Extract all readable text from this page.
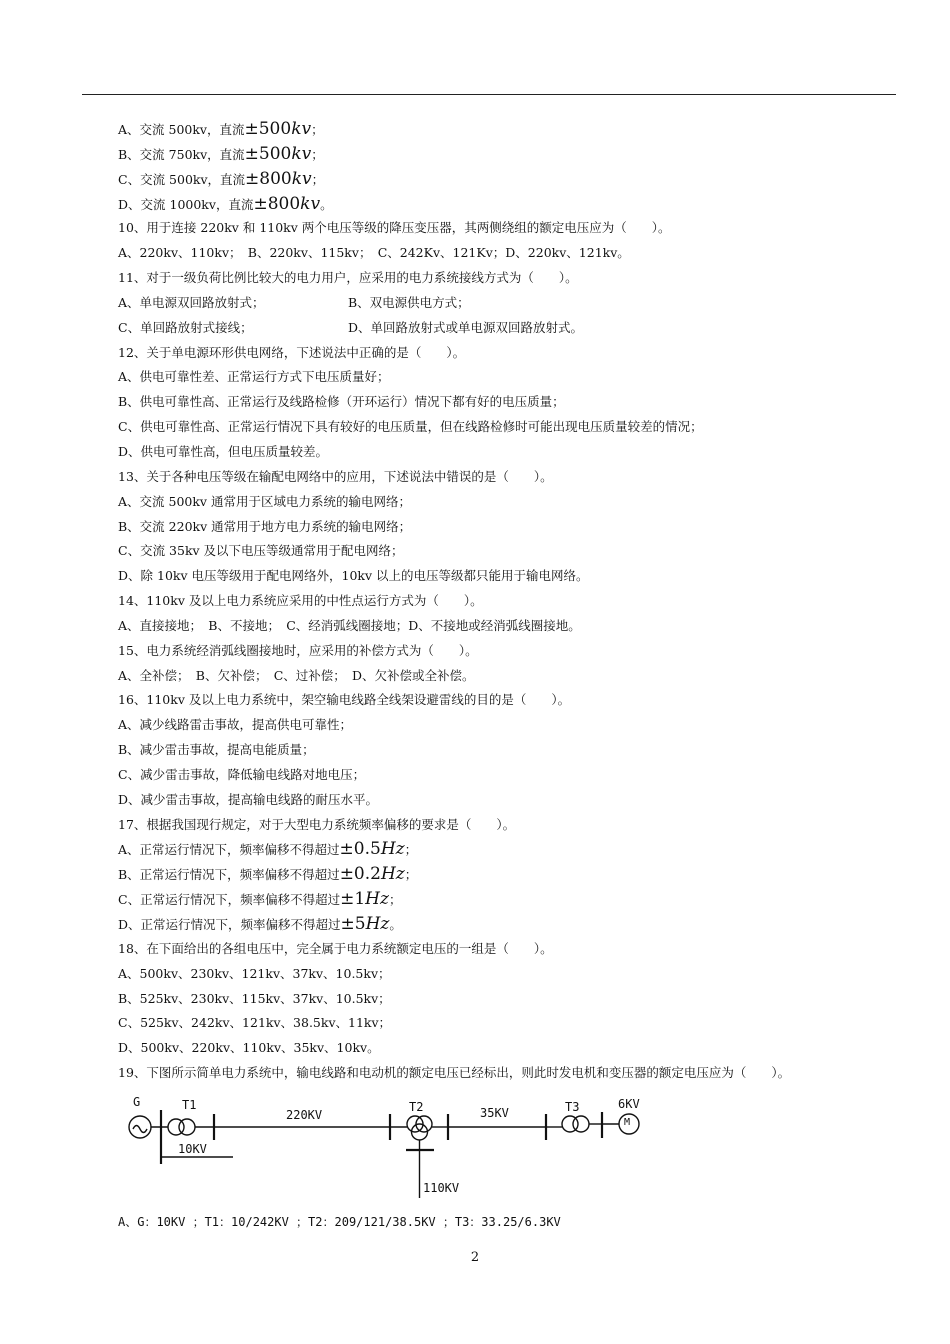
A、交流 500kv，直流±500kv；
B、交流 750kv，直流±500kv；
C、交流 500kv，直流±800kv；
D、交流 1000kv，直流±800kv。
10、用于连接 220kv 和 110kv 两个电压等级的降压变压器，其两侧绕组的额定电压应为（　　）。
A、220kv、110kv；　B、220kv、115kv；　C、242Kv、121Kv；D、220kv、121kv。
11、对于一级负荷比例比较大的电力用户，应采用的电力系统接线方式为（　　）。
A、单电源双回路放射式；	B、双电源供电方式；
C、单回路放射式接线；	D、单回路放射式或单电源双回路放射式。
12、关于单电源环形供电网络，下述说法中正确的是（　　）。
A、供电可靠性差、正常运行方式下电压质量好；
B、供电可靠性高、正常运行及线路检修（开环运行）情况下都有好的电压质量；
C、供电可靠性高、正常运行情况下具有较好的电压质量，但在线路检修时可能出现电压质量较差的情况；
D、供电可靠性高，但电压质量较差。
13、关于各种电压等级在输配电网络中的应用，下述说法中错误的是（　　）。
A、交流 500kv 通常用于区域电力系统的输电网络；
B、交流 220kv 通常用于地方电力系统的输电网络；
C、交流 35kv 及以下电压等级通常用于配电网络；
D、除 10kv 电压等级用于配电网络外，10kv 以上的电压等级都只能用于输电网络。
14、110kv 及以上电力系统应采用的中性点运行方式为（　　）。
A、直接接地；　B、不接地；　C、经消弧线圈接地；D、不接地或经消弧线圈接地。
15、电力系统经消弧线圈接地时，应采用的补偿方式为（　　）。
A、全补偿；　B、欠补偿；　C、过补偿；　D、欠补偿或全补偿。
16、110kv 及以上电力系统中，架空输电线路全线架设避雷线的目的是（　　）。
A、减少线路雷击事故，提高供电可靠性；
B、减少雷击事故，提高电能质量；
C、减少雷击事故，降低输电线路对地电压；
D、减少雷击事故，提高输电线路的耐压水平。
17、根据我国现行规定，对于大型电力系统频率偏移的要求是（　　）。
A、正常运行情况下，频率偏移不得超过±0.5Hz；
B、正常运行情况下，频率偏移不得超过±0.2Hz；
C、正常运行情况下，频率偏移不得超过±1Hz；
D、正常运行情况下，频率偏移不得超过±5Hz。
18、在下面给出的各组电压中，完全属于电力系统额定电压的一组是（　　）。
A、500kv、230kv、121kv、37kv、10.5kv；
B、525kv、230kv、115kv、37kv、10.5kv；
C、525kv、242kv、121kv、38.5kv、11kv；
D、500kv、220kv、110kv、35kv、10kv。
19、下图所示简单电力系统中，输电线路和电动机的额定电压已经标出，则此时发电机和变压器的额定电压应为（　　）。
G	T1
220KV
T2	35KV	T3	6KV
M
10KV
110KV
A、G：10KV ；T1：10/242KV ；T2：209/121/38.5KV ；T3：33.25/6.3KV
2
